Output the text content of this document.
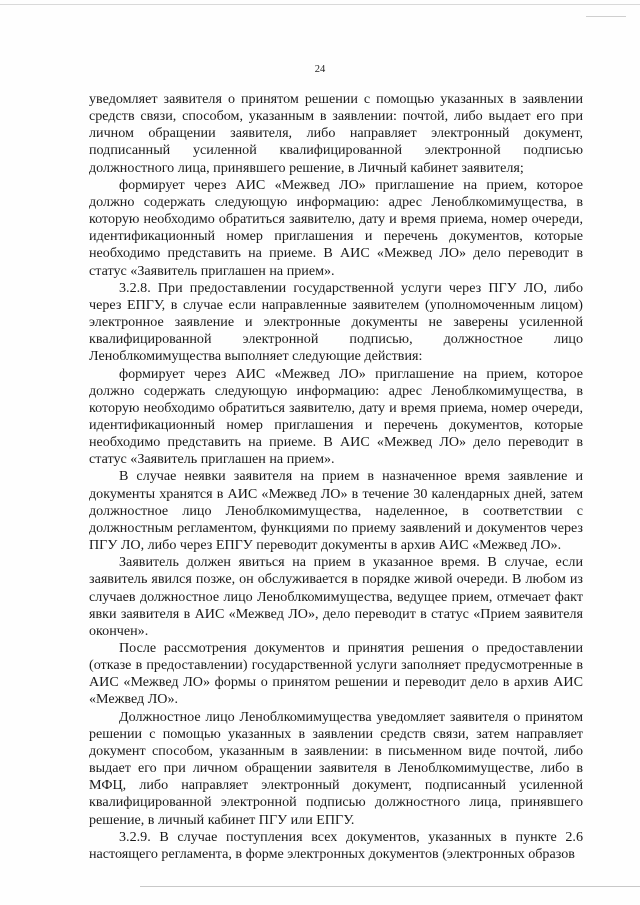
24

уведомляет заявителя о принятом решении с помощью указанных в заявлении средств связи, способом, указанным в заявлении: почтой, либо выдает его при личном обращении заявителя, либо направляет электронный документ, подписанный усиленной квалифицированной электронной подписью должностного лица, принявшего решение, в Личный кабинет заявителя;

формирует через АИС «Межвед ЛО» приглашение на прием, которое должно содержать следующую информацию: адрес Леноблкомимущества, в которую необходимо обратиться заявителю, дату и время приема, номер очереди, идентификационный номер приглашения и перечень документов, которые необходимо представить на приеме. В АИС «Межвед ЛО» дело переводит в статус «Заявитель приглашен на прием».

3.2.8. При предоставлении государственной услуги через ПГУ ЛО, либо через ЕПГУ, в случае если направленные заявителем (уполномоченным лицом) электронное заявление и электронные документы не заверены усиленной квалифицированной электронной подписью, должностное лицо Леноблкомимущества выполняет следующие действия:

формирует через АИС «Межвед ЛО» приглашение на прием, которое должно содержать следующую информацию: адрес Леноблкомимущества, в которую необходимо обратиться заявителю, дату и время приема, номер очереди, идентификационный номер приглашения и перечень документов, которые необходимо представить на приеме. В АИС «Межвед ЛО» дело переводит в статус «Заявитель приглашен на прием».

В случае неявки заявителя на прием в назначенное время заявление и документы хранятся в АИС «Межвед ЛО» в течение 30 календарных дней, затем должностное лицо Леноблкомимущества, наделенное, в соответствии с должностным регламентом, функциями по приему заявлений и документов через ПГУ ЛО, либо через ЕПГУ переводит документы в архив АИС «Межвед ЛО».

Заявитель должен явиться на прием в указанное время. В случае, если заявитель явился позже, он обслуживается в порядке живой очереди. В любом из случаев должностное лицо Леноблкомимущества, ведущее прием, отмечает факт явки заявителя в АИС «Межвед ЛО», дело переводит в статус «Прием заявителя окончен».

После рассмотрения документов и принятия решения о предоставлении (отказе в предоставлении) государственной услуги заполняет предусмотренные в АИС «Межвед ЛО» формы о принятом решении и переводит дело в архив АИС «Межвед ЛО».

Должностное лицо Леноблкомимущества уведомляет заявителя о принятом решении с помощью указанных в заявлении средств связи, затем направляет документ способом, указанным в заявлении: в письменном виде почтой, либо выдает его при личном обращении заявителя в Леноблкомимуществе, либо в МФЦ, либо направляет электронный документ, подписанный усиленной квалифицированной электронной подписью должностного лица, принявшего решение, в личный кабинет ПГУ или ЕПГУ.

3.2.9. В случае поступления всех документов, указанных в пункте 2.6 настоящего регламента, в форме электронных документов (электронных образов
